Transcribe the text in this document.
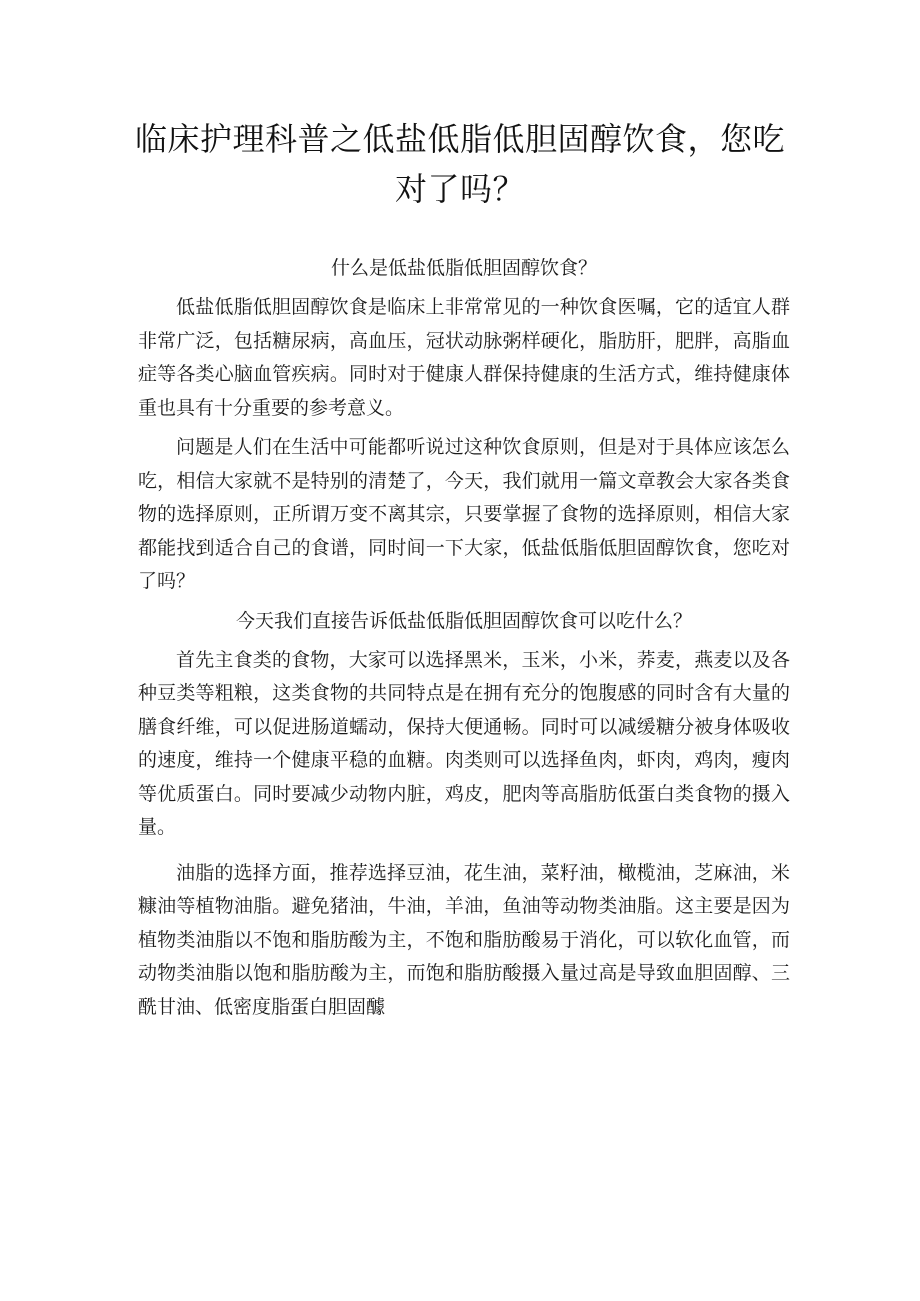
临床护理科普之低盐低脂低胆固醇饮食，您吃对了吗？
什么是低盐低脂低胆固醇饮食？

低盐低脂低胆固醇饮食是临床上非常常见的一种饮食医嘱，它的适宜人群非常广泛，包括糖尿病，高血压，冠状动脉粥样硬化，脂肪肝，肥胖，高脂血症等各类心脑血管疾病。同时对于健康人群保持健康的生活方式，维持健康体重也具有十分重要的参考意义。

问题是人们在生活中可能都听说过这种饮食原则，但是对于具体应该怎么吃，相信大家就不是特别的清楚了，今天，我们就用一篇文章教会大家各类食物的选择原则，正所谓万变不离其宗，只要掌握了食物的选择原则，相信大家都能找到适合自己的食谱，同时间一下大家，低盐低脂低胆固醇饮食，您吃对了吗？

今天我们直接告诉低盐低脂低胆固醇饮食可以吃什么？

首先主食类的食物，大家可以选择黑米，玉米，小米，荞麦，燕麦以及各种豆类等粗粮，这类食物的共同特点是在拥有充分的饱腹感的同时含有大量的膳食纤维，可以促进肠道蠕动，保持大便通畅。同时可以减缓糖分被身体吸收的速度，维持一个健康平稳的血糖。肉类则可以选择鱼肉，虾肉，鸡肉，瘦肉等优质蛋白。同时要减少动物内脏，鸡皮，肥肉等高脂肪低蛋白类食物的摄入量。

油脂的选择方面，推荐选择豆油，花生油，菜籽油，橄榄油，芝麻油，米糠油等植物油脂。避免猪油，牛油，羊油，鱼油等动物类油脂。这主要是因为植物类油脂以不饱和脂肪酸为主，不饱和脂肪酸易于消化，可以软化血管，而动物类油脂以饱和脂肪酸为主，而饱和脂肪酸摄入量过高是导致血胆固醇、三酰甘油、低密度脂蛋白胆固醵
